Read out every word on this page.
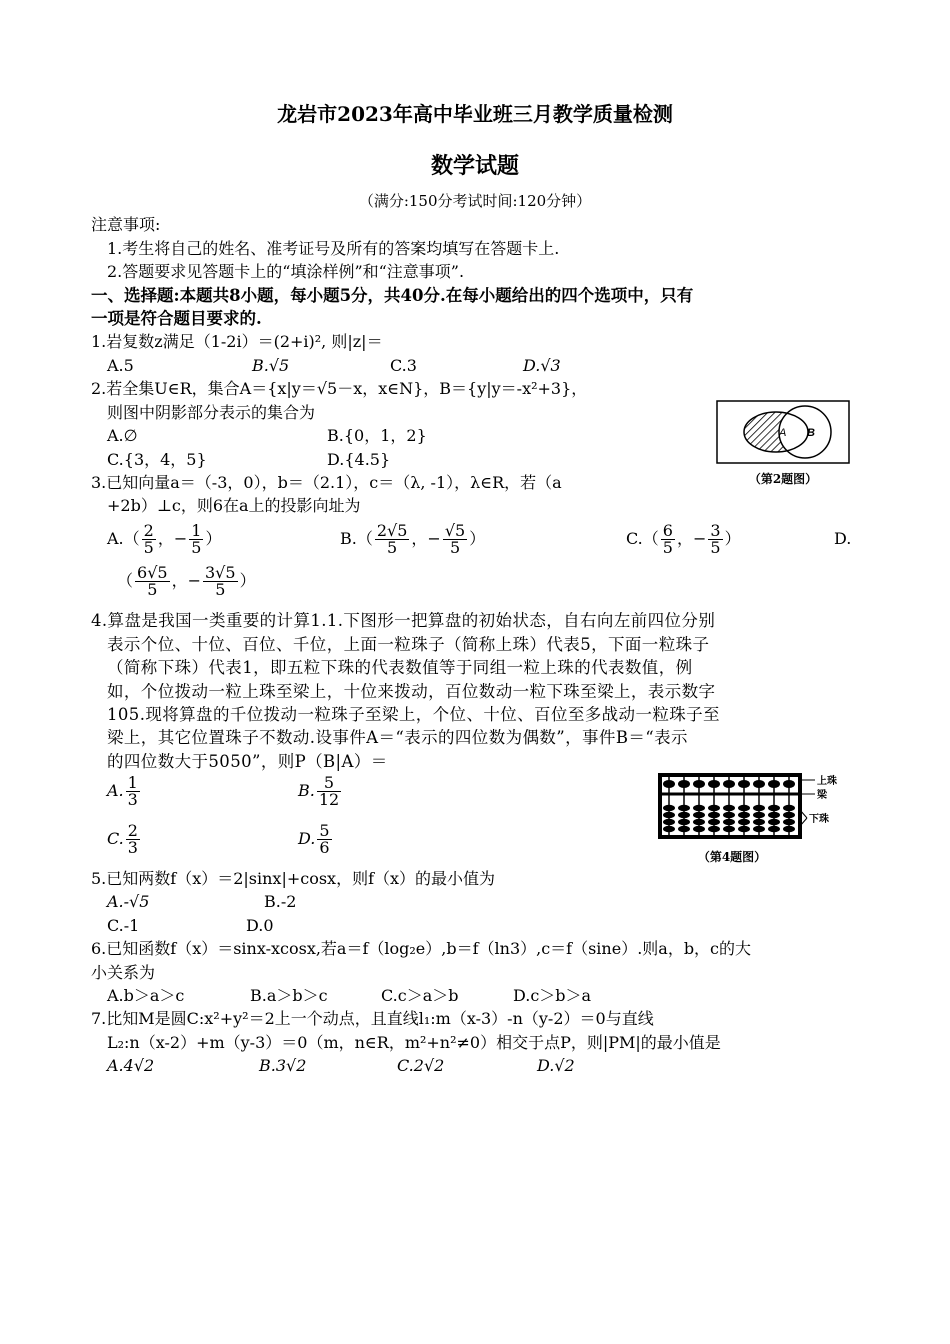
龙岩市2023年高中毕业班三月教学质量检测
数学试题
（满分:150分考试时间:120分钟）
注意事项:
1.考生将自己的姓名、准考证号及所有的答案均填写在答题卡上.
2.答题要求见答题卡上的“填涂样例”和“注意事项”.
一、选择题:本题共8小题，每小题5分，共40分.在每小题给出的四个选项中，只有
一项是符合题目要求的.
1.岩复数z满足（1-2i）＝(2+i)², 则|z|＝
A.5	B.√5	C.3	D.√3
2.若全集U∈R，集合A＝{x|y＝√5－x，x∈N}，B＝{y|y＝-x²+3}，
则图中阴影部分表示的集合为
A.∅	B.{0，1，2}
C.{3，4，5}	D.{4.5}
A B
（第2题图）
3.已知向量a＝（-3，0），b＝（2.1），c＝（λ, -1），λ∈R，若（a
+2b）⊥c，则6在a上的投影向址为
$A.( \frac{2}{5}$ ，− $\frac{1}{5}$ ）	$B.( \frac{2√5}{5}$ ，− $\frac{√5}{5}$ ）	$C.( \frac{6}{5}$ ，− $\frac{3}{5}$ ）	D.
（ $\frac{6√5}{5}$ ，− $\frac{3√5}{5}$ ）
4.算盘是我国一类重要的计算1.1.下图形一把算盘的初始状态，自右向左前四位分别
表示个位、十位、百位、千位，上面一粒珠子（简称上珠）代表5，下面一粒珠子
（简称下珠）代表1，即五粒下珠的代表数值等于同组一粒上珠的代表数值，例
如，个位拨动一粒上珠至梁上，十位来拨动，百位数动一粒下珠至梁上，表示数字
105.现将算盘的千位拨动一粒珠子至梁上，个位、十位、百位至多战动一粒珠子至
梁上，其它位置珠子不数动.设事件A＝“表示的四位数为偶数”，事件B＝“表示
的四位数大于5050”，则P（B|A）＝
A. $\frac{1}{3}$	B. $\frac{5}{12}$
C. $\frac{2}{3}$	D. $\frac{5}{6}$
上珠
梁
下珠
（第4题图）
5.已知两数f（x）＝2|sinx|+cosx，则f（x）的最小值为
A.-√5	B.-2
C.-1	D.0
6.已知函数f（x）＝sinx-xcosx,若a＝f（log₂e）,b＝f（ln3）,c＝f（sine）.则a，b，c的大
小关系为
A.b＞a＞c	B.a＞b＞c	C.c＞a＞b	D.c＞b＞a
7.比知M是圆C:x²+y²＝2上一个动点，且直线l₁:m（x-3）-n（y-2）＝0与直线
L₂:n（x-2）+m（y-3）＝0（m，n∈R，m²+n²≠0）相交于点P，则|PM|的最小值是
A.4√2	B.3√2	C.2√2	D.√2
